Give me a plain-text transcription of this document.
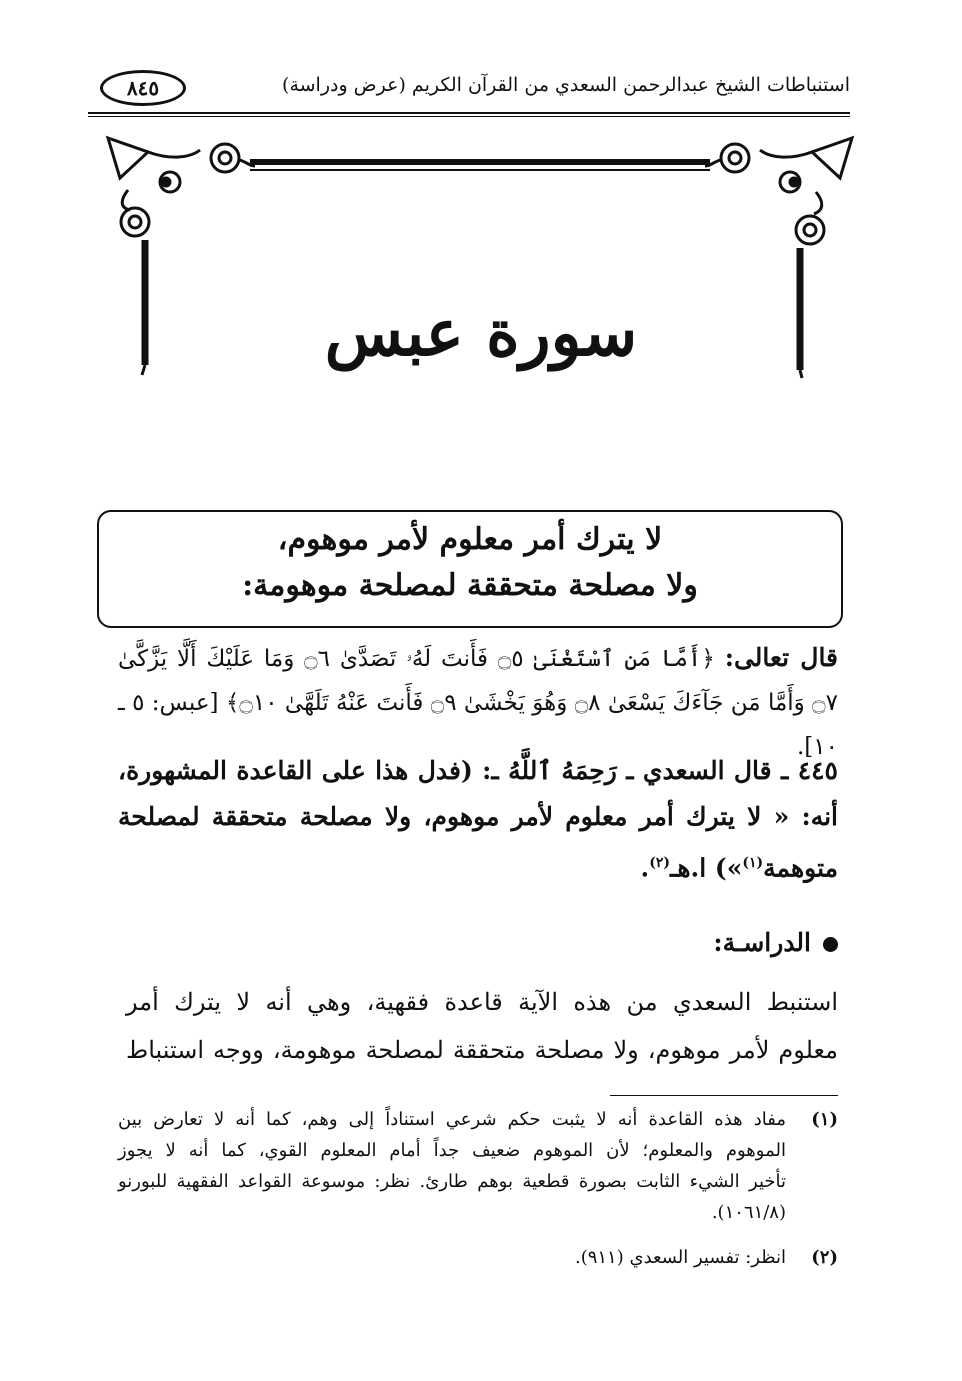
استنباطات الشيخ عبدالرحمن السعدي من القرآن الكريم (عرض ودراسة)
٨٤٥
سورة عبس
لا يترك أمر معلوم لأمر موهوم،
ولا مصلحة متحققة لمصلحة موهومة:
قال تعالى: ﴿أَمَّا مَنِ ٱسْتَغْنَىٰ ۝٥ فَأَنتَ لَهُۥ تَصَدَّىٰ ۝٦ وَمَا عَلَيْكَ أَلَّا يَزَّكَّىٰ ۝٧ وَأَمَّا مَن جَآءَكَ يَسْعَىٰ ۝٨ وَهُوَ يَخْشَىٰ ۝٩ فَأَنتَ عَنْهُ تَلَهَّىٰ ۝١٠﴾ [عبس: ٥ ـ ١٠].
٤٤٥ ـ قال السعدي ـ رَحِمَهُ ٱللَّهُ ـ: (فدل هذا على القاعدة المشهورة،
أنه: « لا يترك أمر معلوم لأمر موهوم، ولا مصلحة متحققة لمصلحة
متوهمة$^{(١)}$») ا.هـ$^{(٢)}$.
الدراسـة:
استنبط السعدي من هذه الآية قاعدة فقهية، وهي أنه لا يترك أمر
معلوم لأمر موهوم، ولا مصلحة متحققة لمصلحة موهومة، ووجه استنباط
(١)
مفاد هذه القاعدة أنه لا يثبت حكم شرعي استناداً إلى وهم، كما أنه لا تعارض بين
الموهوم والمعلوم؛ لأن الموهوم ضعيف جداً أمام المعلوم القوي، كما أنه لا يجوز
تأخير الشيء الثابت بصورة قطعية بوهم طارئ. نظر: موسوعة القواعد الفقهية للبورنو
(١٠٦١/٨).
(٢)
انظر: تفسير السعدي (٩١١).
